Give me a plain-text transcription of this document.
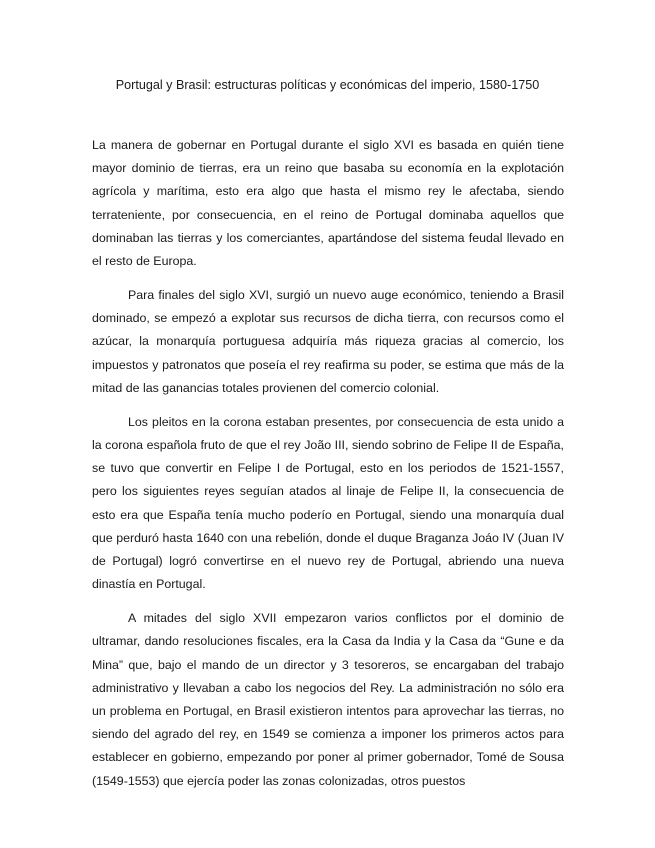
Portugal y Brasil: estructuras políticas y económicas del imperio, 1580-1750

La manera de gobernar en Portugal durante el siglo XVI es basada en quién tiene mayor dominio de tierras, era un reino que basaba su economía en la explotación agrícola y marítima, esto era algo que hasta el mismo rey le afectaba, siendo terrateniente, por consecuencia, en el reino de Portugal dominaba aquellos que dominaban las tierras y los comerciantes, apartándose del sistema feudal llevado en el resto de Europa.

Para finales del siglo XVI, surgió un nuevo auge económico, teniendo a Brasil dominado, se empezó a explotar sus recursos de dicha tierra, con recursos como el azúcar, la monarquía portuguesa adquiría más riqueza gracias al comercio, los impuestos y patronatos que poseía el rey reafirma su poder, se estima que más de la mitad de las ganancias totales provienen del comercio colonial.

Los pleitos en la corona estaban presentes, por consecuencia de esta unido a la corona española fruto de que el rey João III, siendo sobrino de Felipe II de España, se tuvo que convertir en Felipe I de Portugal, esto en los periodos de 1521-1557, pero los siguientes reyes seguían atados al linaje de Felipe II, la consecuencia de esto era que España tenía mucho poderío en Portugal, siendo una monarquía dual que perduró hasta 1640 con una rebelión, donde el duque Braganza Joáo IV (Juan IV de Portugal) logró convertirse en el nuevo rey de Portugal, abriendo una nueva dinastía en Portugal.

A mitades del siglo XVII empezaron varios conflictos por el dominio de ultramar, dando resoluciones fiscales, era la Casa da India y la Casa da “Gune e da Mina” que, bajo el mando de un director y 3 tesoreros, se encargaban del trabajo administrativo y llevaban a cabo los negocios del Rey. La administración no sólo era un problema en Portugal, en Brasil existieron intentos para aprovechar las tierras, no siendo del agrado del rey, en 1549 se comienza a imponer los primeros actos para establecer en gobierno, empezando por poner al primer gobernador, Tomé de Sousa (1549-1553) que ejercía poder las zonas colonizadas, otros puestos
